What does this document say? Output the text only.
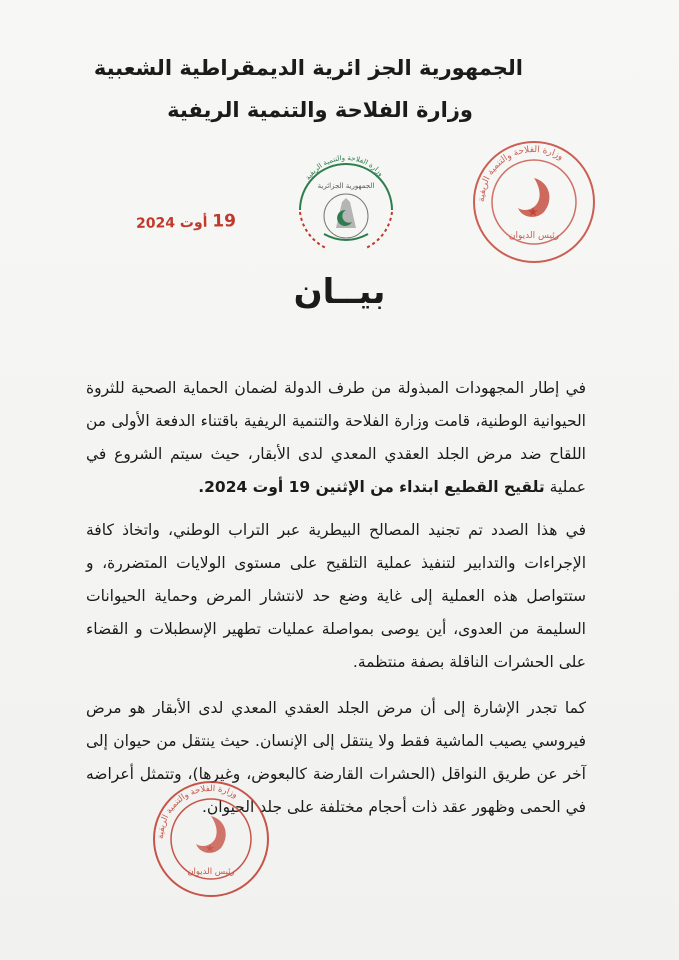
الجمهورية الجز ائرية الديمقراطية الشعبية
وزارة الفلاحة والتنمية الريفية
وزارة الفلاحة والتنمية الريفية
رئيس الديوان
وزارة الفلاحة والتنمية الريفية
الجمهورية الجزائرية
19 أوت 2024
بيــان
في إطار المجهودات المبذولة من طرف الدولة لضمان الحماية الصحية للثروة الحيوانية الوطنية، قامت وزارة الفلاحة والتنمية الريفية باقتناء الدفعة الأولى من اللقاح ضد مرض الجلد العقدي المعدي لدى الأبقار، حيث سيتم الشروع في عملية تلقيح القطيع ابتداء من الإثنين 19 أوت 2024.
في هذا الصدد تم تجنيد المصالح البيطرية عبر التراب الوطني، واتخاذ كافة الإجراءات والتدابير لتنفيذ عملية التلقيح على مستوى الولايات المتضررة، و ستتواصل هذه العملية إلى غاية وضع حد لانتشار المرض وحماية الحيوانات السليمة من العدوى، أين يوصى بمواصلة عمليات تطهير الإسطبلات و القضاء على الحشرات الناقلة بصفة منتظمة.
كما تجدر الإشارة إلى أن مرض الجلد العقدي المعدي لدى الأبقار هو مرض فيروسي يصيب الماشية فقط ولا ينتقل إلى الإنسان. حيث ينتقل من حيوان إلى آخر عن طريق النواقل (الحشرات القارضة كالبعوض، وغيرها)، وتتمثل أعراضه في الحمى وظهور عقد ذات أحجام مختلفة على جلد الحيوان.
وزارة الفلاحة والتنمية الريفية
رئيس الديوان
